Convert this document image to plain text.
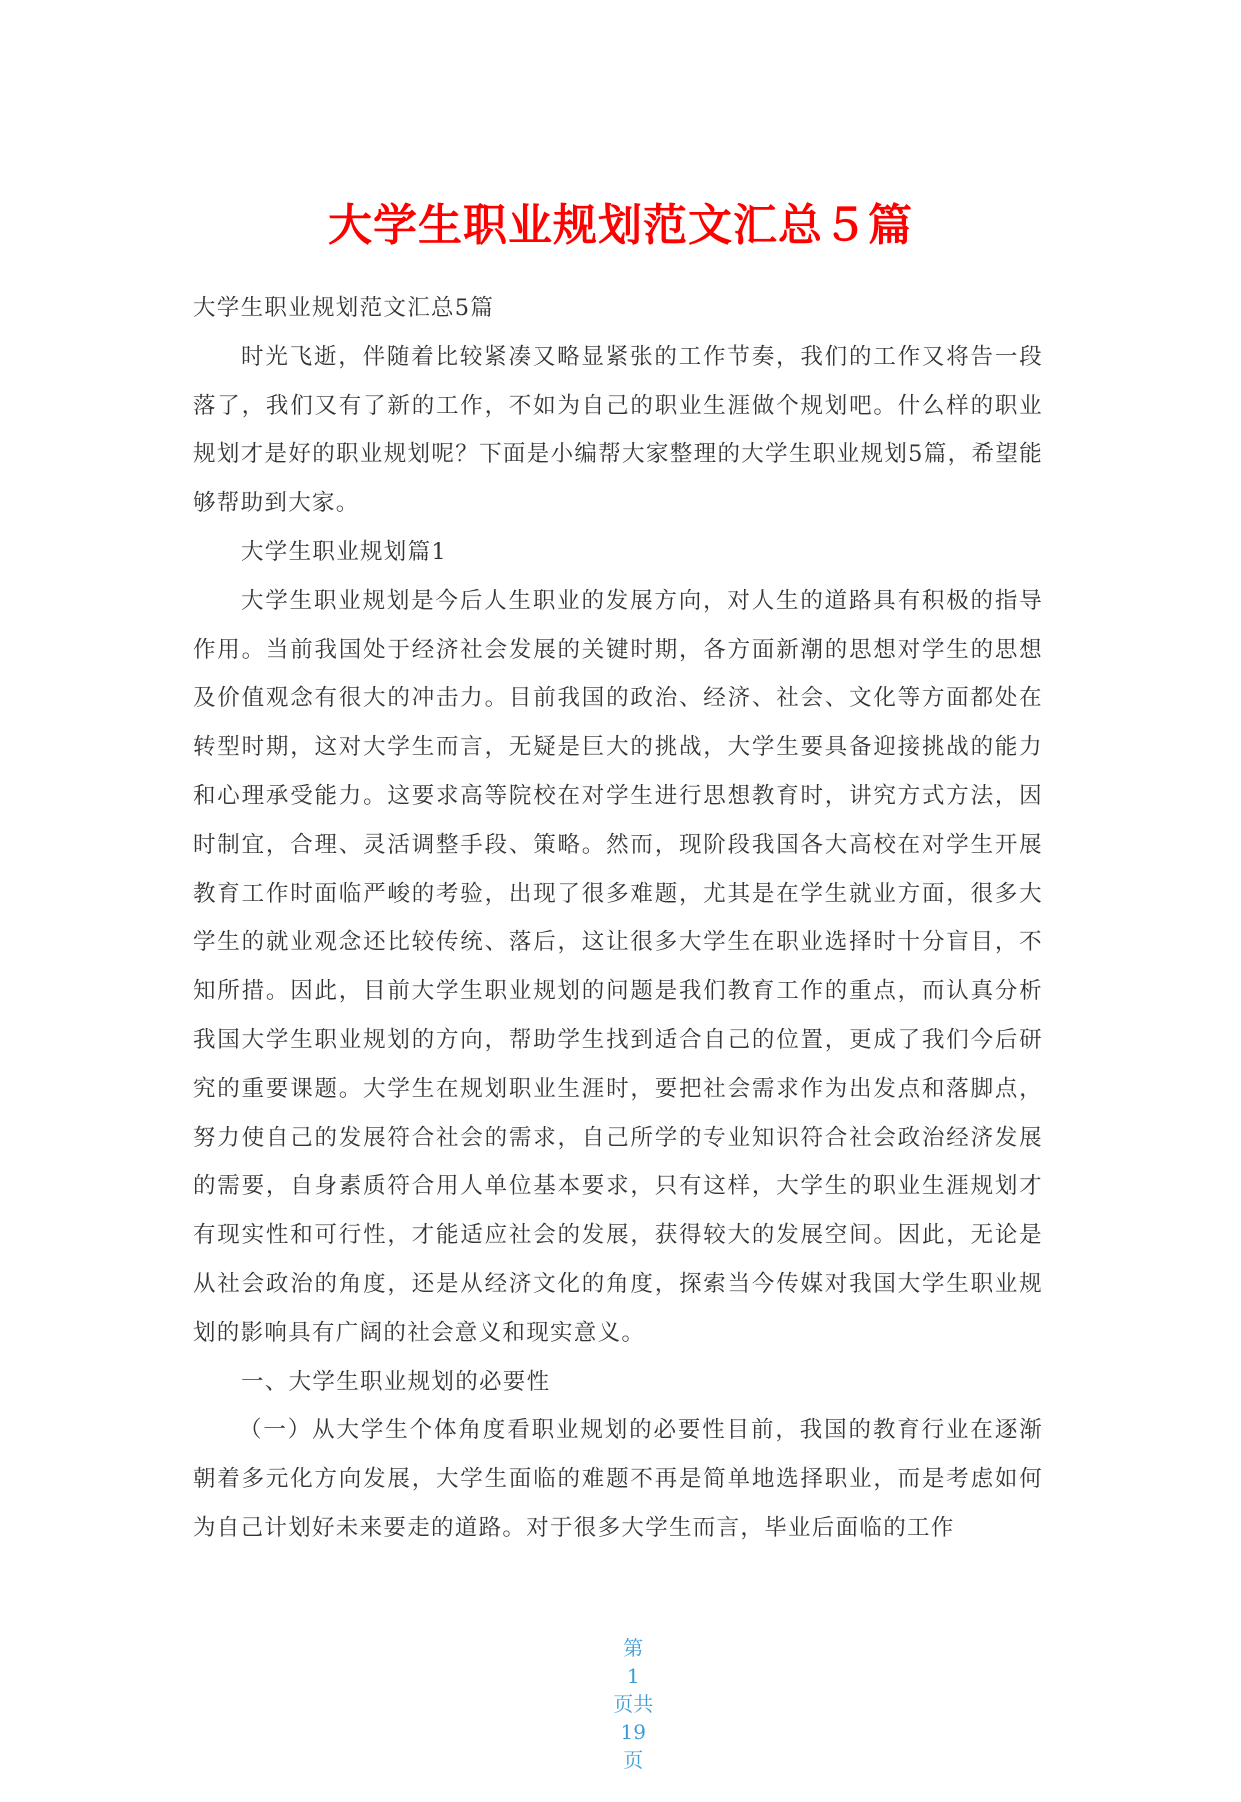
大学生职业规划范文汇总５篇

大学生职业规划范文汇总5篇

时光飞逝，伴随着比较紧凑又略显紧张的工作节奏，我们的工作又将告一段落了，我们又有了新的工作，不如为自己的职业生涯做个规划吧。什么样的职业规划才是好的职业规划呢？下面是小编帮大家整理的大学生职业规划5篇，希望能够帮助到大家。

大学生职业规划篇1

大学生职业规划是今后人生职业的发展方向，对人生的道路具有积极的指导作用。当前我国处于经济社会发展的关键时期，各方面新潮的思想对学生的思想及价值观念有很大的冲击力。目前我国的政治、经济、社会、文化等方面都处在转型时期，这对大学生而言，无疑是巨大的挑战，大学生要具备迎接挑战的能力和心理承受能力。这要求高等院校在对学生进行思想教育时，讲究方式方法，因时制宜，合理、灵活调整手段、策略。然而，现阶段我国各大高校在对学生开展教育工作时面临严峻的考验，出现了很多难题，尤其是在学生就业方面，很多大学生的就业观念还比较传统、落后，这让很多大学生在职业选择时十分盲目，不知所措。因此，目前大学生职业规划的问题是我们教育工作的重点，而认真分析我国大学生职业规划的方向，帮助学生找到适合自己的位置，更成了我们今后研究的重要课题。大学生在规划职业生涯时，要把社会需求作为出发点和落脚点，努力使自己的发展符合社会的需求，自己所学的专业知识符合社会政治经济发展的需要，自身素质符合用人单位基本要求，只有这样，大学生的职业生涯规划才有现实性和可行性，才能适应社会的发展，获得较大的发展空间。因此，无论是从社会政治的角度，还是从经济文化的角度，探索当今传媒对我国大学生职业规划的影响具有广阔的社会意义和现实意义。

一、大学生职业规划的必要性

（一）从大学生个体角度看职业规划的必要性目前，我国的教育行业在逐渐朝着多元化方向发展，大学生面临的难题不再是简单地选择职业，而是考虑如何为自己计划好未来要走的道路。对于很多大学生而言，毕业后面临的工作

第
1
页共
19
页
